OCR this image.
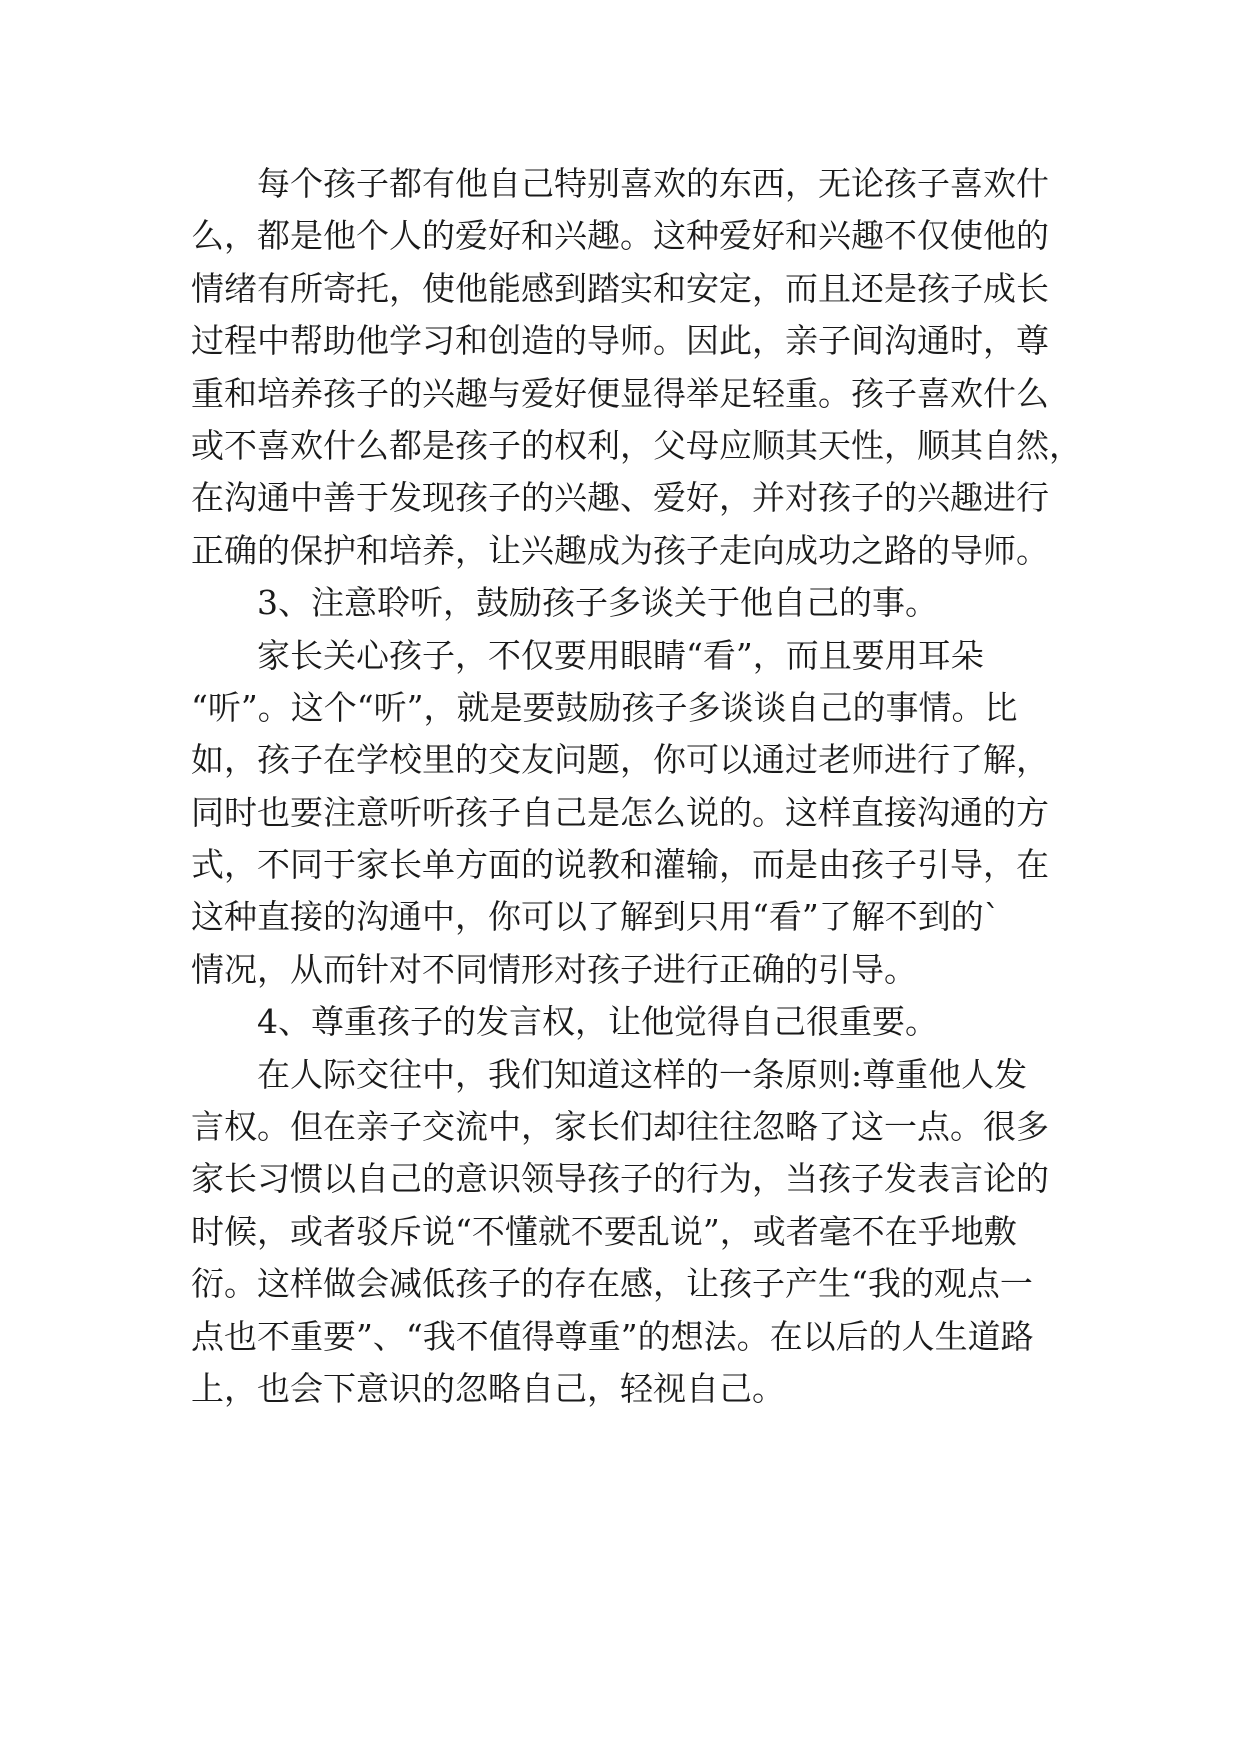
每个孩子都有他自己特别喜欢的东西，无论孩子喜欢什
么，都是他个人的爱好和兴趣。这种爱好和兴趣不仅使他的
情绪有所寄托，使他能感到踏实和安定，而且还是孩子成长
过程中帮助他学习和创造的导师。因此，亲子间沟通时，尊
重和培养孩子的兴趣与爱好便显得举足轻重。孩子喜欢什么
或不喜欢什么都是孩子的权利，父母应顺其天性，顺其自然，
在沟通中善于发现孩子的兴趣、爱好，并对孩子的兴趣进行
正确的保护和培养，让兴趣成为孩子走向成功之路的导师。
3、注意聆听，鼓励孩子多谈关于他自己的事。
家长关心孩子，不仅要用眼睛“看”，而且要用耳朵
“听”。这个“听”，就是要鼓励孩子多谈谈自己的事情。比
如，孩子在学校里的交友问题，你可以通过老师进行了解，
同时也要注意听听孩子自己是怎么说的。这样直接沟通的方
式，不同于家长单方面的说教和灌输，而是由孩子引导，在
这种直接的沟通中，你可以了解到只用“看”了解不到的`
情况，从而针对不同情形对孩子进行正确的引导。
4、尊重孩子的发言权，让他觉得自己很重要。
在人际交往中，我们知道这样的一条原则:尊重他人发
言权。但在亲子交流中，家长们却往往忽略了这一点。很多
家长习惯以自己的意识领导孩子的行为，当孩子发表言论的
时候，或者驳斥说“不懂就不要乱说”，或者毫不在乎地敷
衍。这样做会减低孩子的存在感，让孩子产生“我的观点一
点也不重要”、“我不值得尊重”的想法。在以后的人生道路
上，也会下意识的忽略自己，轻视自己。
